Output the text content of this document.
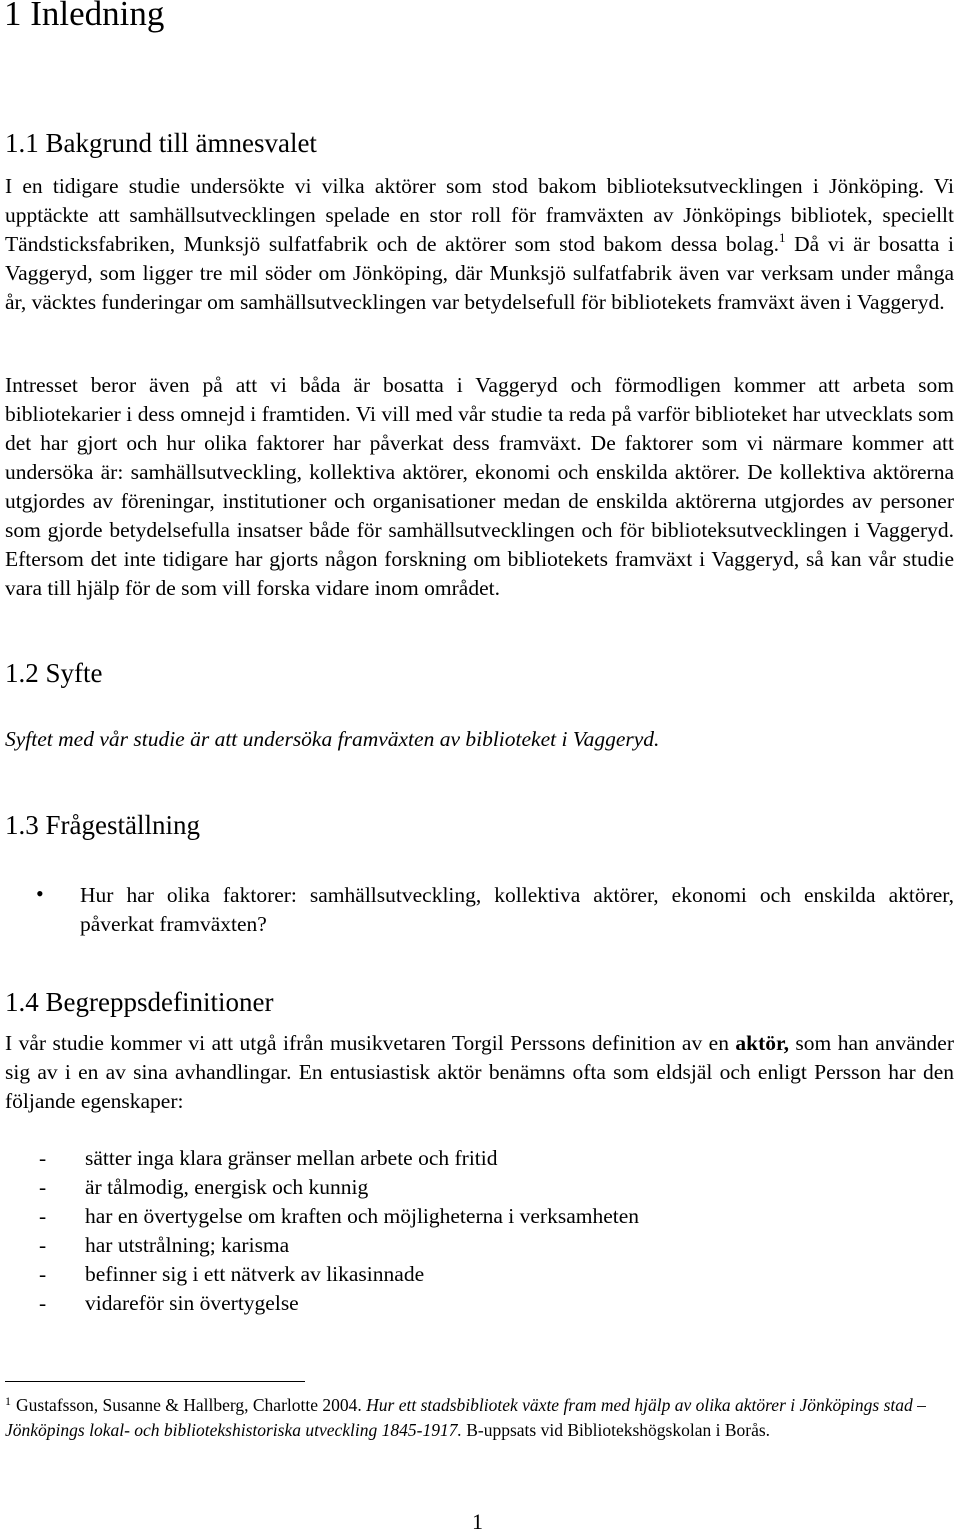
1 Inledning
1.1 Bakgrund till ämnesvalet

I en tidigare studie undersökte vi vilka aktörer som stod bakom biblioteksutvecklingen i Jönköping. Vi upptäckte att samhällsutvecklingen spelade en stor roll för framväxten av Jönköpings bibliotek, speciellt Tändsticksfabriken, Munksjö sulfatfabrik och de aktörer som stod bakom dessa bolag.$^1$ Då vi är bosatta i Vaggeryd, som ligger tre mil söder om Jönköping, där Munksjö sulfatfabrik även var verksam under många år, väcktes funderingar om samhällsutvecklingen var betydelsefull för bibliotekets framväxt även i Vaggeryd.

Intresset beror även på att vi båda är bosatta i Vaggeryd och förmodligen kommer att arbeta som bibliotekarier i dess omnejd i framtiden. Vi vill med vår studie ta reda på varför biblioteket har utvecklats som det har gjort och hur olika faktorer har påverkat dess framväxt. De faktorer som vi närmare kommer att undersöka är: samhällsutveckling, kollektiva aktörer, ekonomi och enskilda aktörer. De kollektiva aktörerna utgjordes av föreningar, institutioner och organisationer medan de enskilda aktörerna utgjordes av personer som gjorde betydelsefulla insatser både för samhällsutvecklingen och för biblioteksutvecklingen i Vaggeryd. Eftersom det inte tidigare har gjorts någon forskning om bibliotekets framväxt i Vaggeryd, så kan vår studie vara till hjälp för de som vill forska vidare inom området.

1.2 Syfte

Syftet med vår studie är att undersöka framväxten av biblioteket i Vaggeryd.

1.3 Frågeställning
• Hur har olika faktorer: samhällsutveckling, kollektiva aktörer, ekonomi och enskilda aktörer, påverkat framväxten?

1.4 Begreppsdefinitioner

I vår studie kommer vi att utgå ifrån musikvetaren Torgil Perssons definition av en aktör, som han använder sig av i en av sina avhandlingar. En entusiastisk aktör benämns ofta som eldsjäl och enligt Persson har den följande egenskaper:

- sätter inga klara gränser mellan arbete och fritid
- är tålmodig, energisk och kunnig
- har en övertygelse om kraften och möjligheterna i verksamheten
- har utstrålning; karisma
- befinner sig i ett nätverk av likasinnade
- vidareför sin övertygelse

$^1$ Gustafsson, Susanne & Hallberg, Charlotte 2004. Hur ett stadsbibliotek växte fram med hjälp av olika aktörer i Jönköpings stad – Jönköpings lokal- och bibliotekshistoriska utveckling 1845-1917. B-uppsats vid Bibliotekshögskolan i Borås.

1
